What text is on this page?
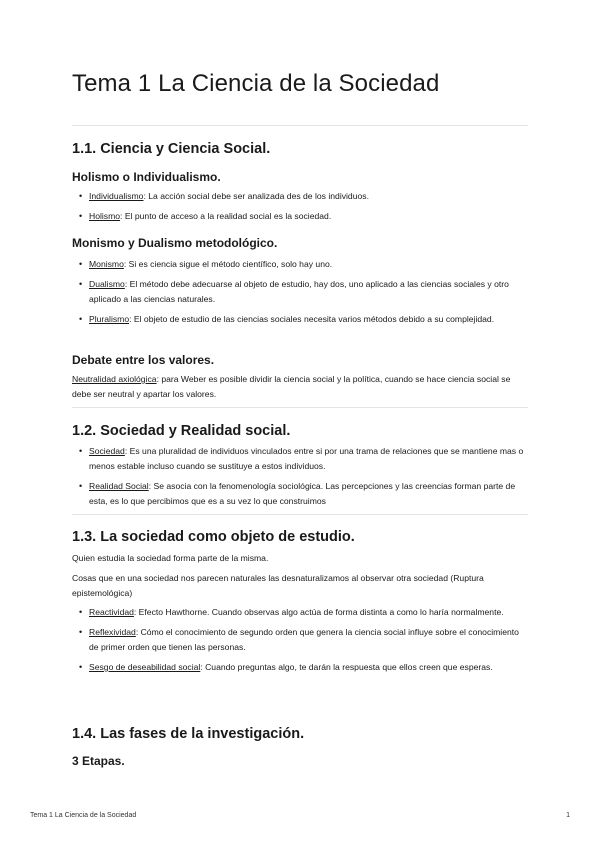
Tema 1 La Ciencia de la Sociedad
1.1. Ciencia y Ciencia Social.
Holismo o Individualismo.
• Individualismo: La acción social debe ser analizada des de los individuos.
• Holismo: El punto de acceso a la realidad social es la sociedad.
Monismo y Dualismo metodológico.
• Monismo: Si es ciencia sigue el método científico, solo hay uno.
• Dualismo: El método debe adecuarse al objeto de estudio, hay dos, uno aplicado a las ciencias sociales y otro aplicado a las ciencias naturales.
• Pluralismo: El objeto de estudio de las ciencias sociales necesita varios métodos debido a su complejidad.
Debate entre los valores.

Neutralidad axiológica: para Weber es posible dividir la ciencia social y la política, cuando se hace ciencia social se debe ser neutral y apartar los valores.

1.2. Sociedad y Realidad social.
• Sociedad: Es una pluralidad de individuos vinculados entre si por una trama de relaciones que se mantiene mas o menos estable incluso cuando se sustituye a estos individuos.
• Realidad Social: Se asocia con la fenomenología sociológica. Las percepciones y las creencias forman parte de esta, es lo que percibimos que es a su vez lo que construimos
1.3. La sociedad como objeto de estudio.

Quien estudia la sociedad forma parte de la misma.

Cosas que en una sociedad nos parecen naturales las desnaturalizamos al observar otra sociedad (Ruptura epistemológica)

• Reactividad: Efecto Hawthorne. Cuando observas algo actúa de forma distinta a como lo haría normalmente.
• Reflexividad: Cómo el conocimiento de segundo orden que genera la ciencia social influye sobre el conocimiento de primer orden que tienen las personas.
• Sesgo de deseabilidad social: Cuando preguntas algo, te darán la respuesta que ellos creen que esperas.
1.4. Las fases de la investigación.
3 Etapas.
Tema 1 La Ciencia de la Sociedad	1
